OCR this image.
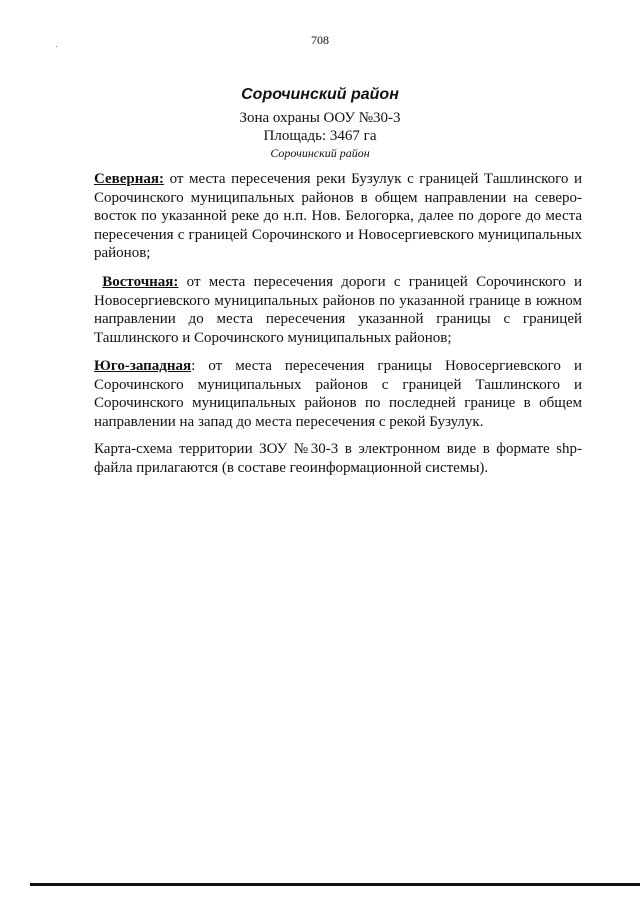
708
Сорочинский район
Зона охраны ООУ №30-3
Площадь: 3467 га
Сорочинский район
Северная: от места пересечения реки Бузулук с границей Ташлинского и Сорочинского муниципальных районов в общем направлении на северо-восток по указанной реке до н.п. Нов. Белогорка, далее по дороге до места пересечения с границей Сорочинского и Новосергиевского муниципальных районов;
Восточная: от места пересечения дороги с границей Сорочинского и Новосергиевского муниципальных районов по указанной границе в южном направлении до места пересечения указанной границы с границей Ташлинского и Сорочинского муниципальных районов;
Юго-западная: от места пересечения границы Новосергиевского и Сорочинского муниципальных районов с границей Ташлинского и Сорочинского муниципальных районов по последней границе в общем направлении на запад до места пересечения с рекой Бузулук.
Карта-схема территории ЗОУ №30-3 в электронном виде в формате shp-файла прилагаются (в составе геоинформационной системы).
